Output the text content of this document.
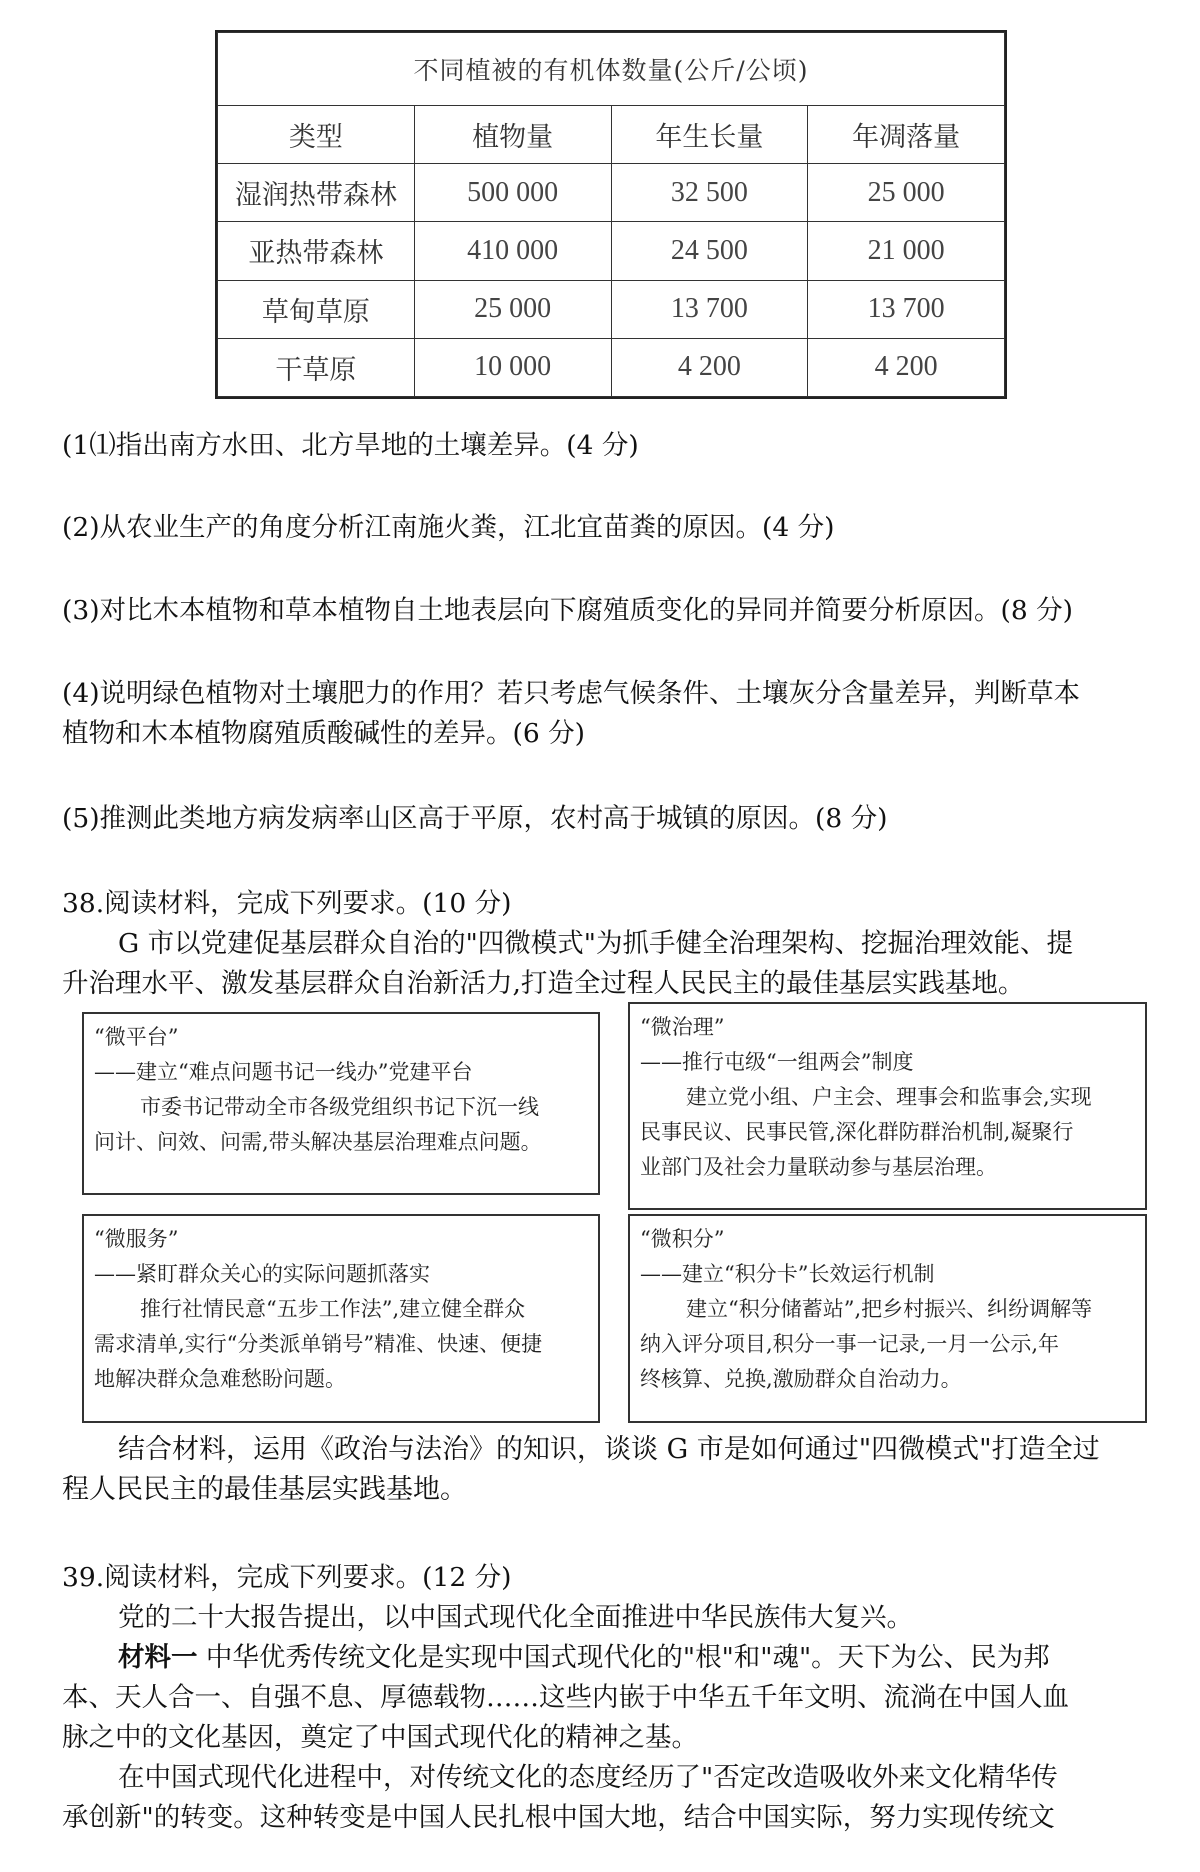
不同植被的有机体数量(公斤/公顷)			
类型	植物量	年生长量	年凋落量
湿润热带森林	500 000	32 500	25 000
亚热带森林	410 000	24 500	21 000
草甸草原	25 000	13 700	13 700
干草原	10 000	4 200	4 200
(1⑴指出南方水田、北方旱地的土壤差异。(4 分)
(2)从农业生产的角度分析江南施火粪，江北宜苗粪的原因。(4 分)
(3)对比木本植物和草本植物自土地表层向下腐殖质变化的异同并简要分析原因。(8 分)
(4)说明绿色植物对土壤肥力的作用？若只考虑气候条件、土壤灰分含量差异，判断草本
植物和木本植物腐殖质酸碱性的差异。(6 分)
(5)推测此类地方病发病率山区高于平原，农村高于城镇的原因。(8 分)
38.阅读材料，完成下列要求。(10 分)
G 市以党建促基层群众自治的"四微模式"为抓手健全治理架构、挖掘治理效能、提
升治理水平、激发基层群众自治新活力,打造全过程人民民主的最佳基层实践基地。
“微平台”
——建立“难点问题书记一线办”党建平台
市委书记带动全市各级党组织书记下沉一线
问计、问效、问需,带头解决基层治理难点问题。
“微治理”
——推行屯级“一组两会”制度
建立党小组、户主会、理事会和监事会,实现
民事民议、民事民管,深化群防群治机制,凝聚行
业部门及社会力量联动参与基层治理。
“微服务”
——紧盯群众关心的实际问题抓落实
推行社情民意“五步工作法”,建立健全群众
需求清单,实行“分类派单销号”精准、快速、便捷
地解决群众急难愁盼问题。
“微积分”
——建立“积分卡”长效运行机制
建立“积分储蓄站”,把乡村振兴、纠纷调解等
纳入评分项目,积分一事一记录,一月一公示,年
终核算、兑换,激励群众自治动力。
结合材料，运用《政治与法治》的知识，谈谈 G 市是如何通过"四微模式"打造全过
程人民民主的最佳基层实践基地。
39.阅读材料，完成下列要求。(12 分)
党的二十大报告提出，以中国式现代化全面推进中华民族伟大复兴。
材料一 中华优秀传统文化是实现中国式现代化的"根"和"魂"。天下为公、民为邦
本、天人合一、自强不息、厚德载物……这些内嵌于中华五千年文明、流淌在中国人血
脉之中的文化基因，奠定了中国式现代化的精神之基。
在中国式现代化进程中，对传统文化的态度经历了"否定改造吸收外来文化精华传
承创新"的转变。这种转变是中国人民扎根中国大地，结合中国实际，努力实现传统文
